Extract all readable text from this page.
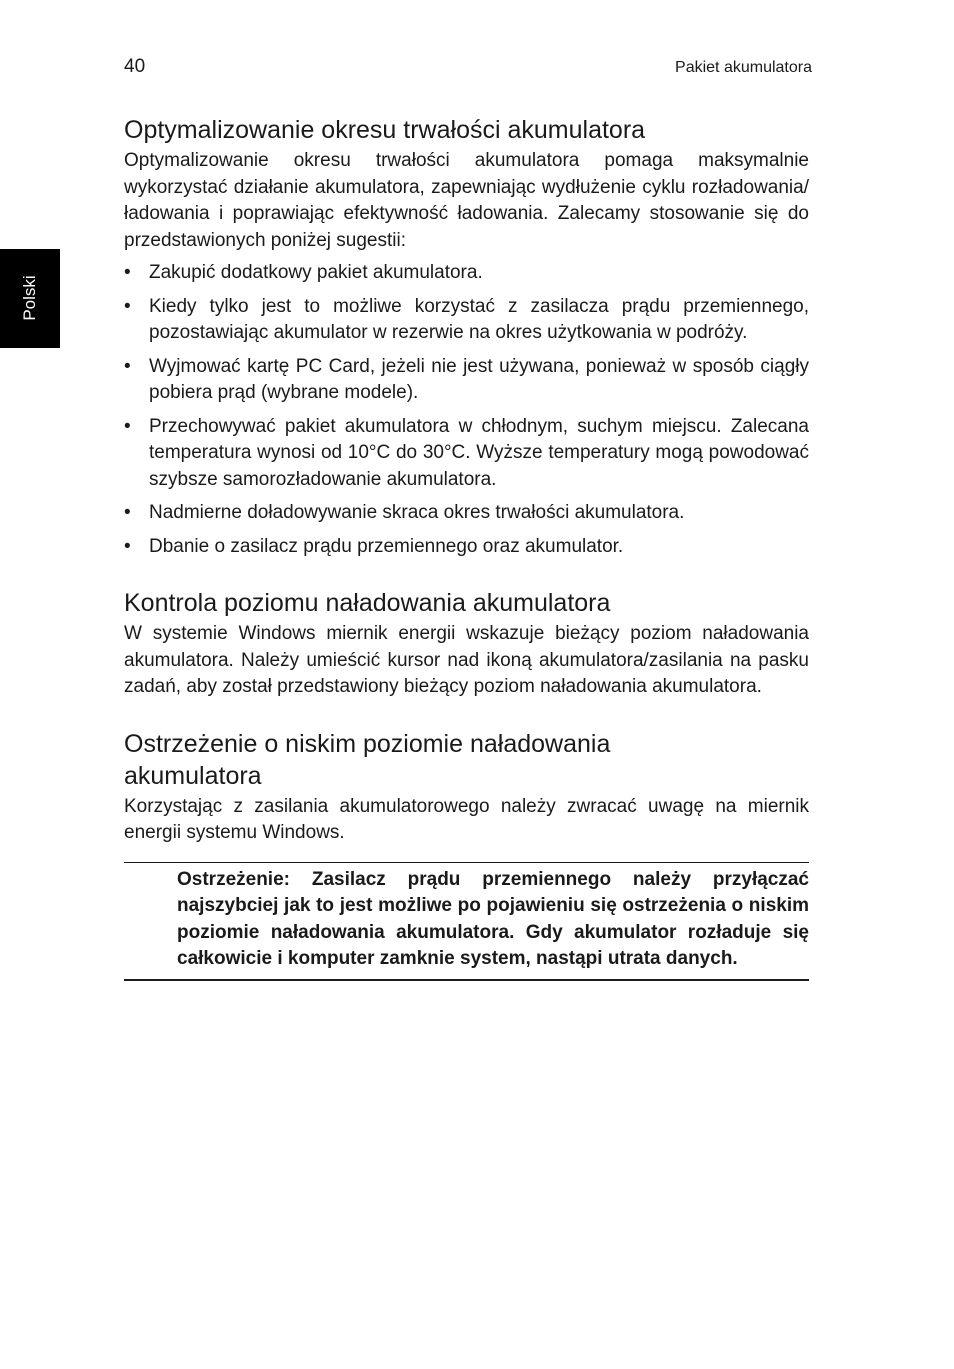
40	Pakiet akumulatora
Polski
Optymalizowanie okresu trwałości akumulatora

Optymalizowanie okresu trwałości akumulatora pomaga maksymalnie wykorzystać działanie akumulatora, zapewniając wydłużenie cyklu rozładowania/ładowania i poprawiając efektywność ładowania. Zalecamy stosowanie się do przedstawionych poniżej sugestii:

• Zakupić dodatkowy pakiet akumulatora.
• Kiedy tylko jest to możliwe korzystać z zasilacza prądu przemiennego, pozostawiając akumulator w rezerwie na okres użytkowania w podróży.
• Wyjmować kartę PC Card, jeżeli nie jest używana, ponieważ w sposób ciągły pobiera prąd (wybrane modele).
• Przechowywać pakiet akumulatora w chłodnym, suchym miejscu. Zalecana temperatura wynosi od 10°C do 30°C. Wyższe temperatury mogą powodować szybsze samorozładowanie akumulatora.
• Nadmierne doładowywanie skraca okres trwałości akumulatora.
• Dbanie o zasilacz prądu przemiennego oraz akumulator.
Kontrola poziomu naładowania akumulatora

W systemie Windows miernik energii wskazuje bieżący poziom naładowania akumulatora. Należy umieścić kursor nad ikoną akumulatora/zasilania na pasku zadań, aby został przedstawiony bieżący poziom naładowania akumulatora.

Ostrzeżenie o niskim poziomie naładowania akumulatora

Korzystając z zasilania akumulatorowego należy zwracać uwagę na miernik energii systemu Windows.

Ostrzeżenie: Zasilacz prądu przemiennego należy przyłączać najszybciej jak to jest możliwe po pojawieniu się ostrzeżenia o niskim poziomie naładowania akumulatora. Gdy akumulator rozładuje się całkowicie i komputer zamknie system, nastąpi utrata danych.
